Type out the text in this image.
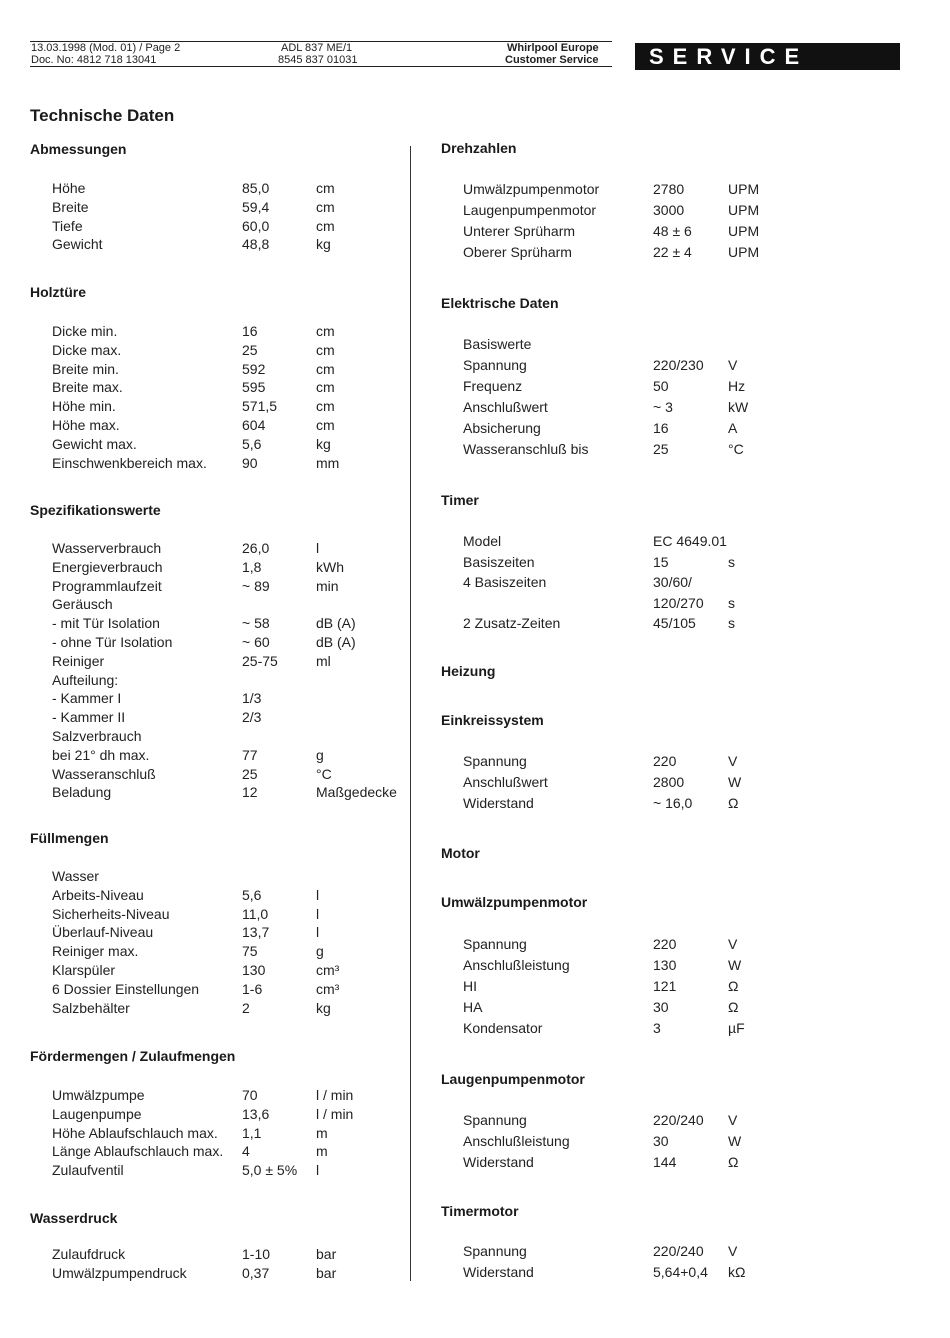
13.03.1998 (Mod. 01) / Page 2
Doc. No: 4812 718 13041
ADL 837 ME/1
8545 837 01031
Whirlpool Europe
Customer Service	SERVICE
Technische Daten
Abmessungen
Höhe	85,0	cm
Breite	59,4	cm
Tiefe	60,0	cm
Gewicht	48,8	kg
Holztüre
Dicke min.	16	cm
Dicke max.	25	cm
Breite min.	592	cm
Breite max.	595	cm
Höhe min.	571,5	cm
Höhe max.	604	cm
Gewicht max.	5,6	kg
Einschwenkbereich max.	90	mm
Spezifikationswerte
Wasserverbrauch	26,0	l
Energieverbrauch	1,8	kWh
Programmlaufzeit	~ 89	min
Geräusch
- mit Tür Isolation	~ 58	dB (A)
- ohne Tür Isolation	~ 60	dB (A)
Reiniger	25-75	ml
Aufteilung:
- Kammer I	1/3
- Kammer II	2/3
Salzverbrauch
bei 21° dh max.	77	g
Wasseranschluß	25	°C
Beladung	12	Maßgedecke
Füllmengen
Wasser
Arbeits-Niveau	5,6	l
Sicherheits-Niveau	11,0	l
Überlauf-Niveau	13,7	l
Reiniger max.	75	g
Klarspüler	130	cm³
6 Dossier Einstellungen	1-6	cm³
Salzbehälter	2	kg
Fördermengen / Zulaufmengen
Umwälzpumpe	70	l / min
Laugenpumpe	13,6	l / min
Höhe Ablaufschlauch max. 1,1	m
Länge Ablaufschlauch max. 4	m
Zulaufventil	5,0 ± 5% l
Wasserdruck
Zulaufdruck	1-10	bar
Umwälzpumpendruck	0,37	bar
Drehzahlen
Umwälzpumpenmotor	2780	UPM
Laugenpumpenmotor	3000	UPM
Unterer Sprüharm	48 ± 6	UPM
Oberer Sprüharm	22 ± 4	UPM
Elektrische Daten
Basiswerte
Spannung	220/230 V
Frequenz	50	Hz
Anschlußwert	~ 3	kW
Absicherung	16	A
Wasseranschluß bis	25	°C
Timer
Model	EC 4649.01
Basiszeiten	15	s
4 Basiszeiten	30/60/
120/270 s
2 Zusatz-Zeiten	45/105 s
Heizung
Einkreissystem
Spannung	220	V
Anschlußwert	2800	W
Widerstand	~ 16,0	Ω
Motor
Umwälzpumpenmotor
Spannung	220	V
Anschlußleistung	130	W
HI	121	Ω
HA	30	Ω
Kondensator	3	µF
Laugenpumpenmotor
Spannung	220/240 V
Anschlußleistung	30	W
Widerstand	144	Ω
Timermotor
Spannung	220/240 V
Widerstand	5,64+0,4 kΩ
